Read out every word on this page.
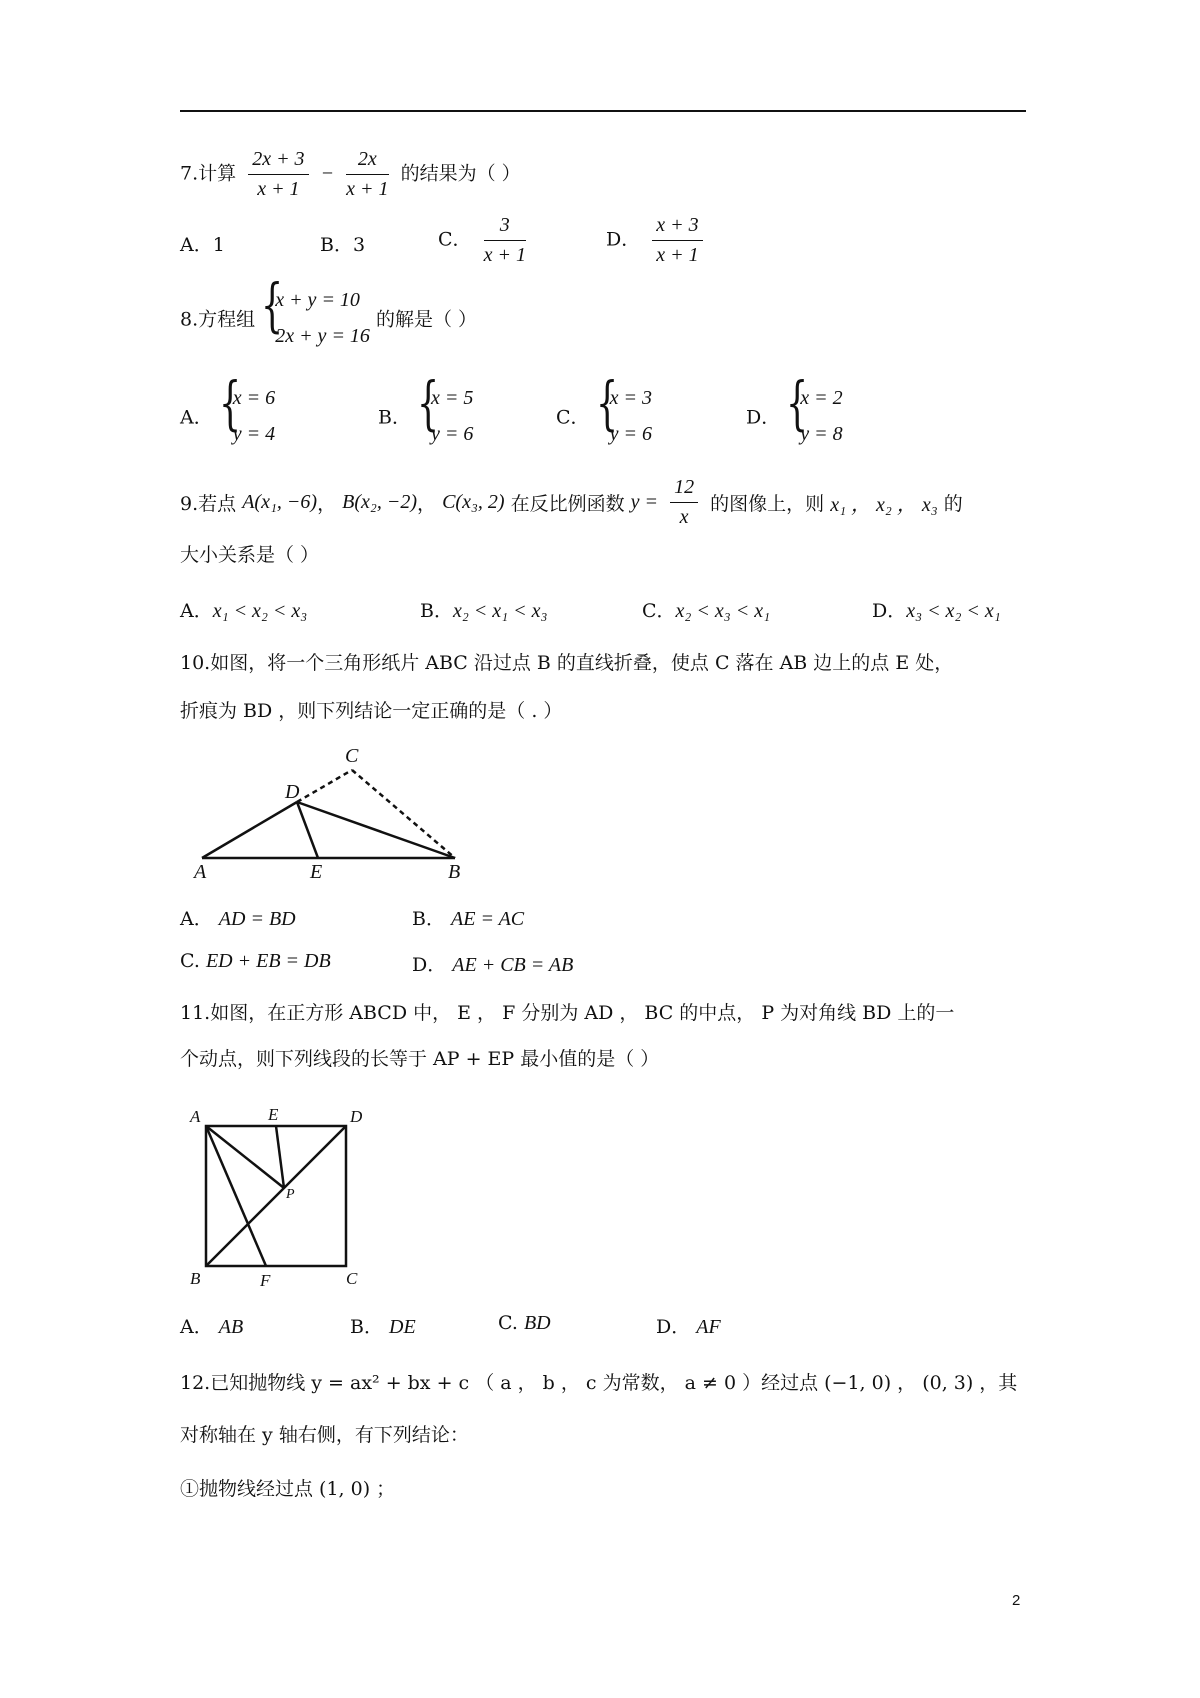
7.计算 $\frac{2x + 3}{x + 1} - \frac{2x}{x + 1}$ 的结果为（ ）
A．1	B．3	C． $\frac{3}{x + 1}$	D． $\frac{x + 3}{x + 1}$
8.方程组 {
x + y = 10
2x + y = 16
的解是（ ）
A． {
x = 6
y = 4
B． {
x = 5
y = 6
C． {
x = 3
y = 6
D． {
x = 2
y = 8
9.若点 A(x₁, −6)， B(x₂, −2)， C(x₃, 2) 在反比例函数 $y = \frac{12}{x}$ 的图像上，则 x₁ ， x₂ ， x₃ 的
大小关系是（ ）
A．x₁ < x₂ < x₃	B．x₂ < x₁ < x₃	C．x₂ < x₃ < x₁	D．x₃ < x₂ < x₁
10.如图，将一个三角形纸片 ABC 沿过点 B 的直线折叠，使点 C 落在 AB 边上的点 E 处，
折痕为 BD ，则下列结论一定正确的是（ . ）
C
D
A	E	B
A． AD = BD	B． AE = AC
C. ED + EB = DB	D． AE + CB = AB
11.如图，在正方形 ABCD 中， E ， F 分别为 AD ， BC 的中点， P 为对角线 BD 上的一
个动点，则下列线段的长等于 AP + EP 最小值的是（ ）
A	E	D
P
B	F	C
A． AB	B． DE	C. BD	D． AF
12.已知抛物线 y = ax² + bx + c （ a ， b ， c 为常数， a ≠ 0 ）经过点 (−1, 0) ， (0, 3) ，其
对称轴在 y 轴右侧，有下列结论：
①抛物线经过点 (1, 0) ；
2
